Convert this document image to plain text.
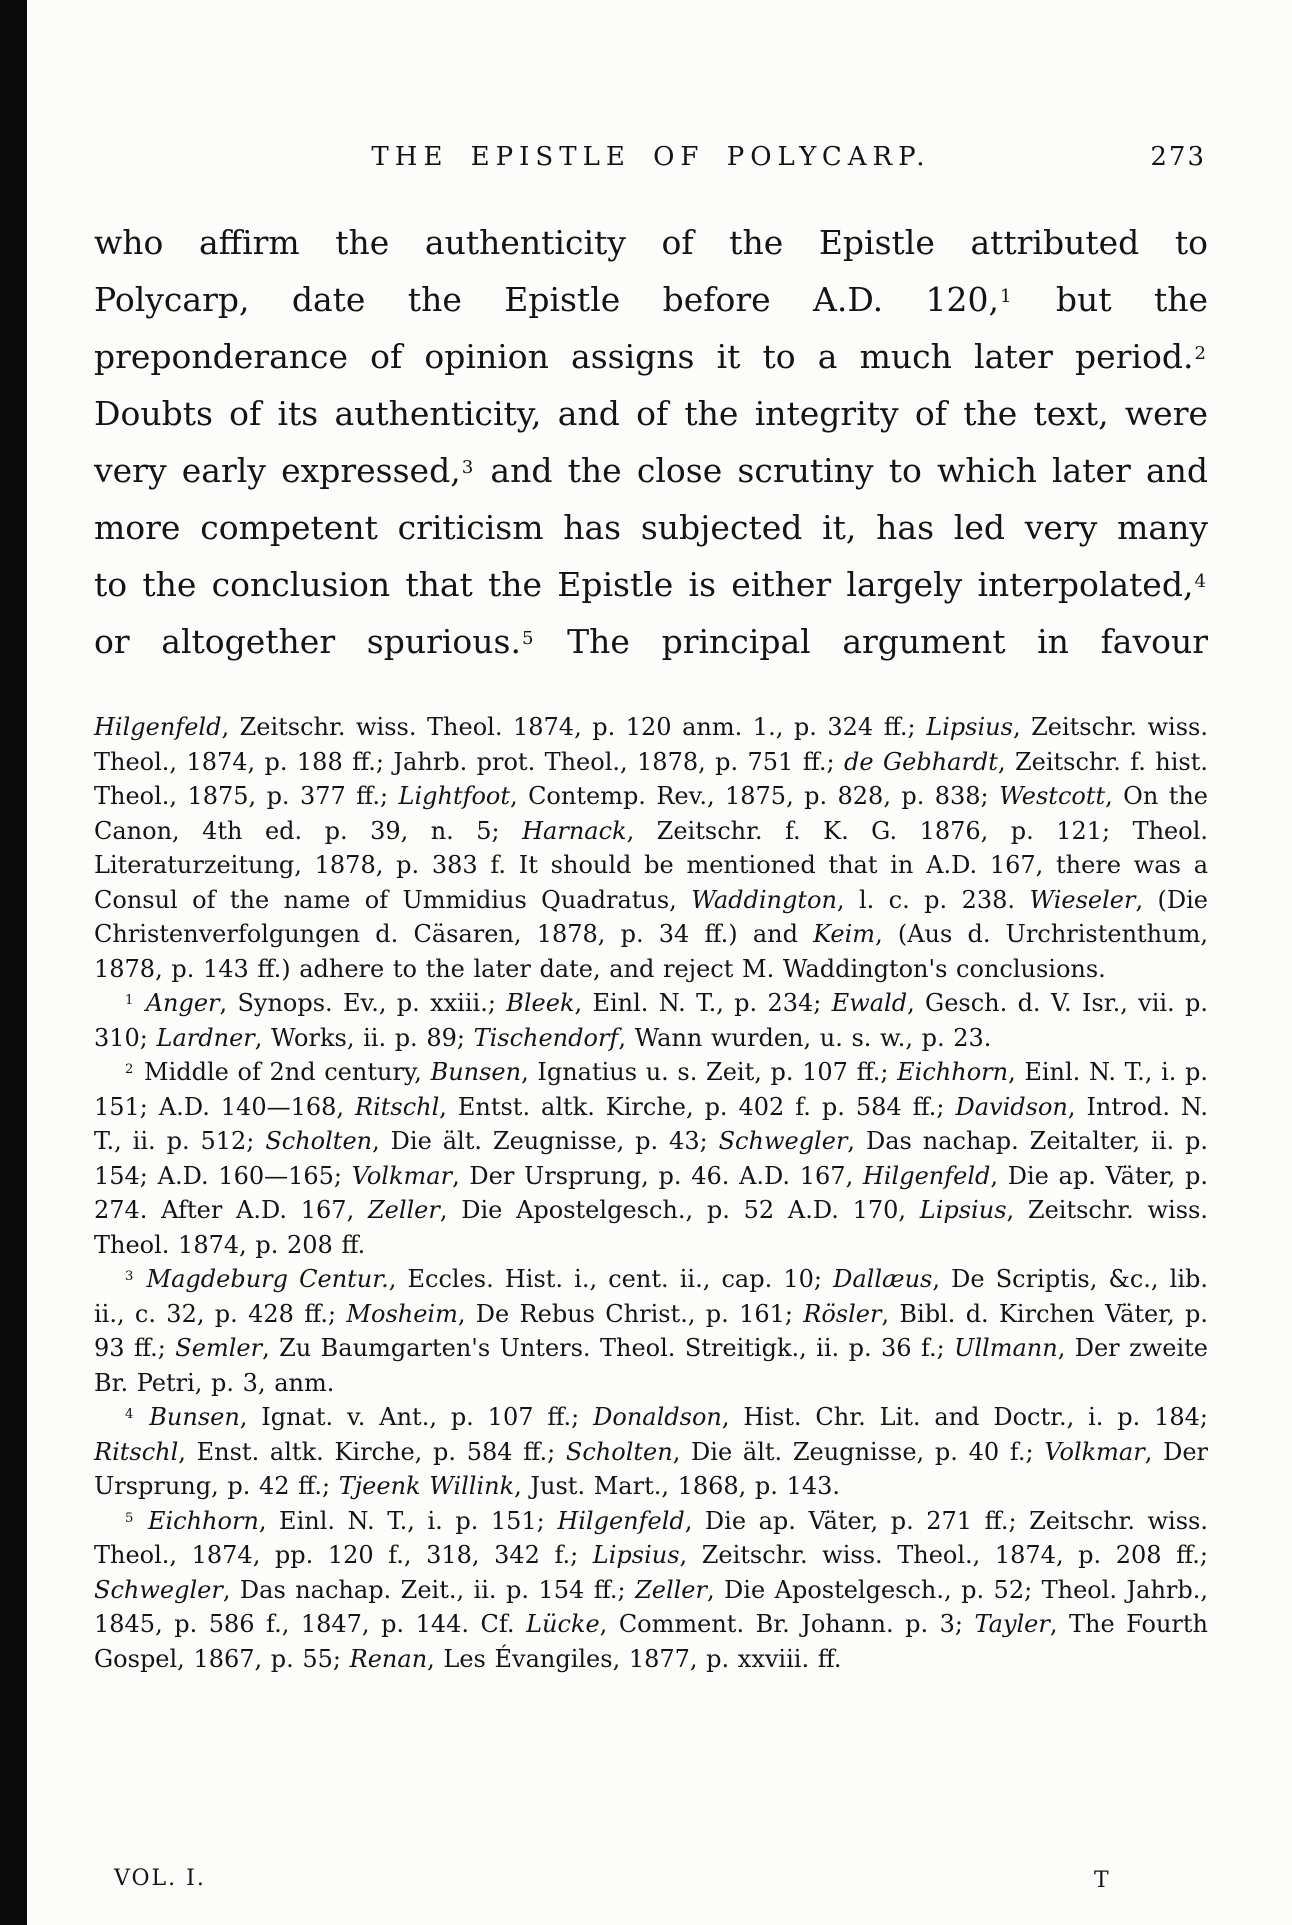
THE EPISTLE OF POLYCARP.	273

who affirm the authenticity of the Epistle attributed to Polycarp, date the Epistle before A.D. 120,$^1$ but the preponderance of opinion assigns it to a much later period.$^2$ Doubts of its authenticity, and of the integrity of the text, were very early expressed,$^3$ and the close scrutiny to which later and more competent criticism has subjected it, has led very many to the conclusion that the Epistle is either largely interpolated,$^4$ or altogether spurious.$^5$ The principal argument in favour

Hilgenfeld, Zeitschr. wiss. Theol. 1874, p. 120 anm. 1., p. 324 ff.; Lipsius, Zeitschr. wiss. Theol., 1874, p. 188 ff.; Jahrb. prot. Theol., 1878, p. 751 ff.; de Gebhardt, Zeitschr. f. hist. Theol., 1875, p. 377 ff.; Lightfoot, Contemp. Rev., 1875, p. 828, p. 838; Westcott, On the Canon, 4th ed. p. 39, n. 5; Harnack, Zeitschr. f. K. G. 1876, p. 121; Theol. Literaturzeitung, 1878, p. 383 f. It should be mentioned that in A.D. 167, there was a Consul of the name of Ummidius Quadratus, Waddington, l. c. p. 238. Wieseler, (Die Christenverfolgungen d. Cäsaren, 1878, p. 34 ff.) and Keim, (Aus d. Urchristenthum, 1878, p. 143 ff.) adhere to the later date, and reject M. Waddington's conclusions.

$^1$ Anger, Synops. Ev., p. xxiii.; Bleek, Einl. N. T., p. 234; Ewald, Gesch. d. V. Isr., vii. p. 310; Lardner, Works, ii. p. 89; Tischendorf, Wann wurden, u. s. w., p. 23.

$^2$ Middle of 2nd century, Bunsen, Ignatius u. s. Zeit, p. 107 ff.; Eichhorn, Einl. N. T., i. p. 151; A.D. 140—168, Ritschl, Entst. altk. Kirche, p. 402 f. p. 584 ff.; Davidson, Introd. N. T., ii. p. 512; Scholten, Die ält. Zeugnisse, p. 43; Schwegler, Das nachap. Zeitalter, ii. p. 154; A.D. 160—165; Volkmar, Der Ursprung, p. 46. A.D. 167, Hilgenfeld, Die ap. Väter, p. 274. After A.D. 167, Zeller, Die Apostelgesch., p. 52 A.D. 170, Lipsius, Zeitschr. wiss. Theol. 1874, p. 208 ff.

$^3$ Magdeburg Centur., Eccles. Hist. i., cent. ii., cap. 10; Dallæus, De Scriptis, &c., lib. ii., c. 32, p. 428 ff.; Mosheim, De Rebus Christ., p. 161; Rösler, Bibl. d. Kirchen Väter, p. 93 ff.; Semler, Zu Baumgarten's Unters. Theol. Streitigk., ii. p. 36 f.; Ullmann, Der zweite Br. Petri, p. 3, anm.

$^4$ Bunsen, Ignat. v. Ant., p. 107 ff.; Donaldson, Hist. Chr. Lit. and Doctr., i. p. 184; Ritschl, Enst. altk. Kirche, p. 584 ff.; Scholten, Die ält. Zeugnisse, p. 40 f.; Volkmar, Der Ursprung, p. 42 ff.; Tjeenk Willink, Just. Mart., 1868, p. 143.

$^5$ Eichhorn, Einl. N. T., i. p. 151; Hilgenfeld, Die ap. Väter, p. 271 ff.; Zeitschr. wiss. Theol., 1874, pp. 120 f., 318, 342 f.; Lipsius, Zeitschr. wiss. Theol., 1874, p. 208 ff.; Schwegler, Das nachap. Zeit., ii. p. 154 ff.; Zeller, Die Apostelgesch., p. 52; Theol. Jahrb., 1845, p. 586 f., 1847, p. 144. Cf. Lücke, Comment. Br. Johann. p. 3; Tayler, The Fourth Gospel, 1867, p. 55; Renan, Les Évangiles, 1877, p. xxviii. ff.

VOL. I.	T
